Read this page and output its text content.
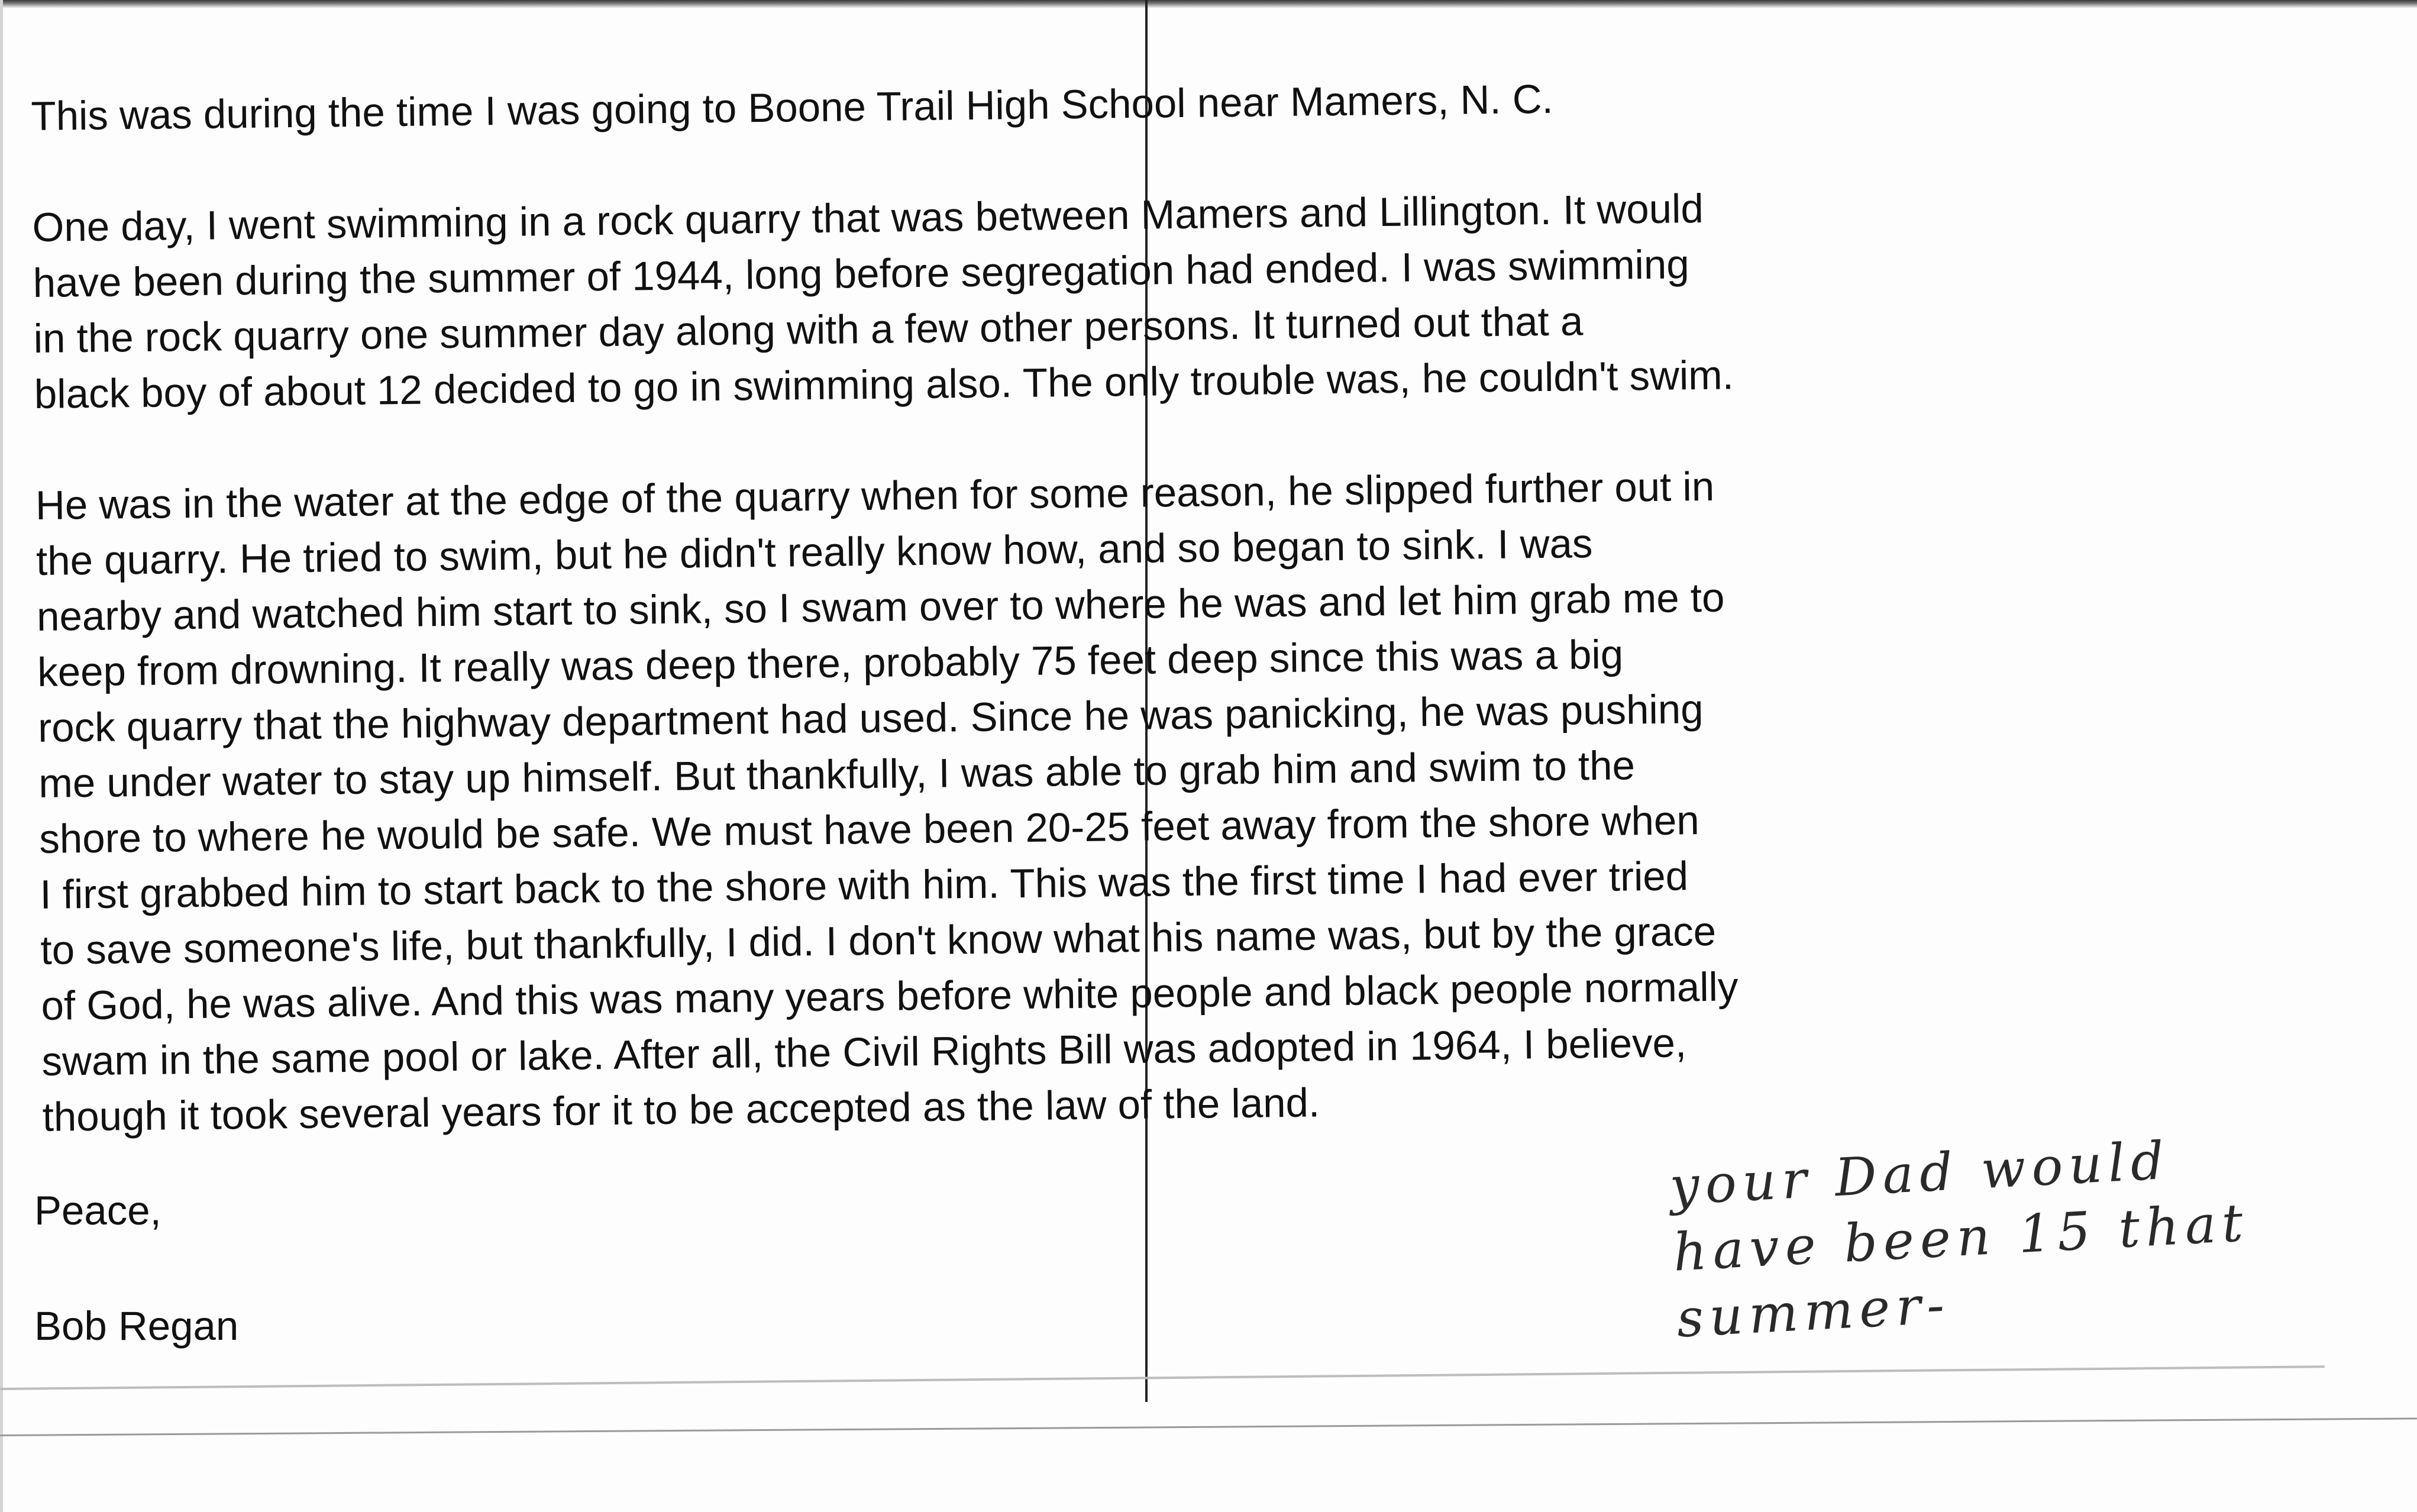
This was during the time I was going to Boone Trail High School near Mamers, N. C.

One day, I went swimming in a rock quarry that was between Mamers and Lillington. It would
have been during the summer of 1944, long before segregation had ended. I was swimming
in the rock quarry one summer day along with a few other persons. It turned out that a
black boy of about 12 decided to go in swimming also. The only trouble was, he couldn't swim.

He was in the water at the edge of the quarry when for some reason, he slipped further out in
the quarry. He tried to swim, but he didn't really know how, and so began to sink. I was
nearby and watched him start to sink, so I swam over to where he was and let him grab me to
keep from drowning. It really was deep there, probably 75 feet deep since this was a big
rock quarry that the highway department had used. Since he was panicking, he was pushing
me under water to stay up himself. But thankfully, I was able to grab him and swim to the
shore to where he would be safe. We must have been 20-25 feet away from the shore when
I first grabbed him to start back to the shore with him. This was the first time I had ever tried
to save someone's life, but thankfully, I did. I don't know what his name was, but by the grace
of God, he was alive. And this was many years before white people and black people normally
swam in the same pool or lake. After all, the Civil Rights Bill was adopted in 1964, I believe,
though it took several years for it to be accepted as the law of the land.

Peace,
Bob Regan
your Dad would
have been 15 that
summer-
